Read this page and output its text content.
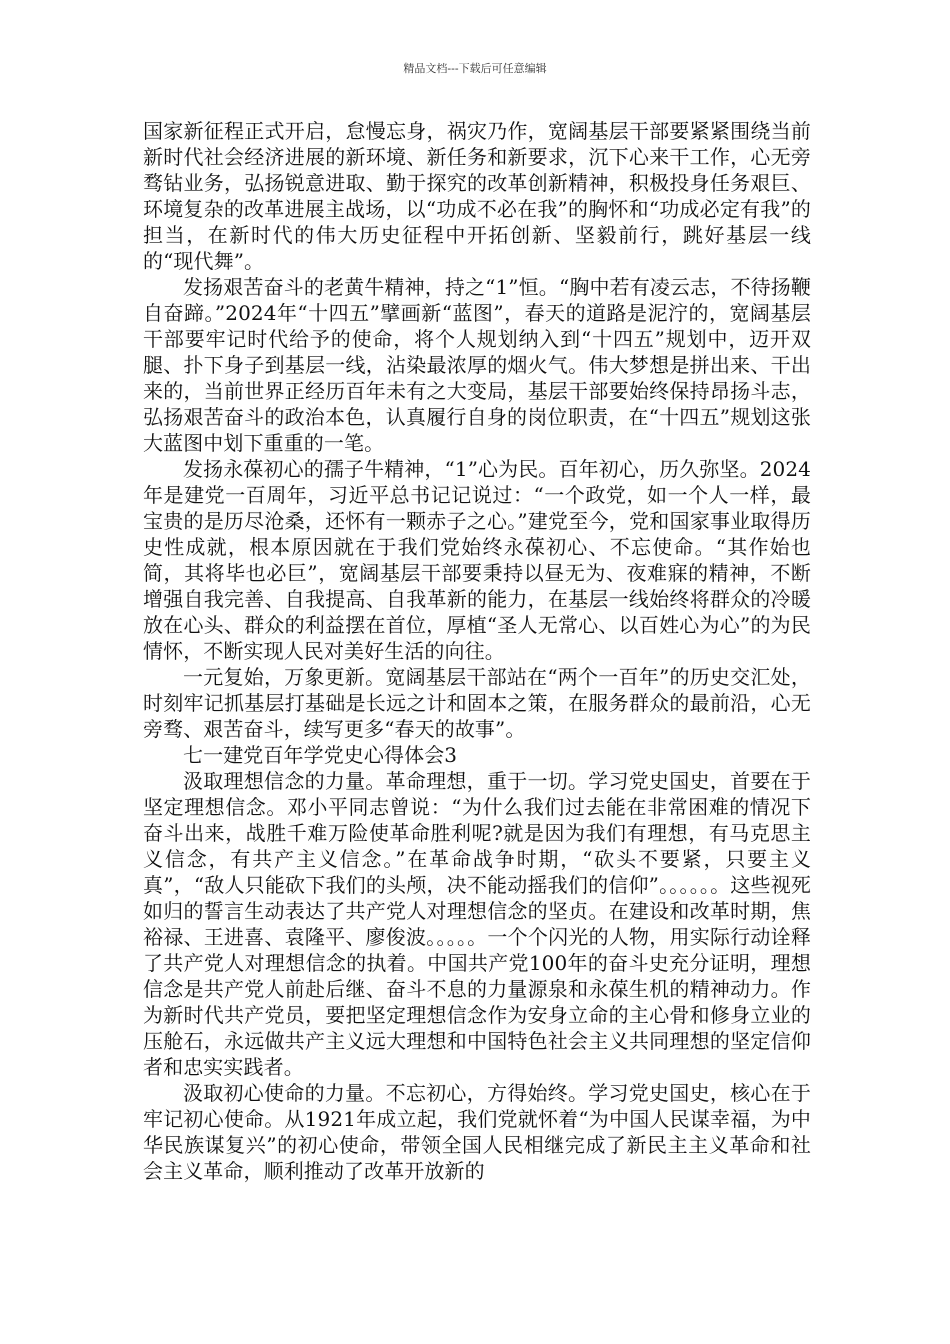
精品文档---下载后可任意编辑

国家新征程正式开启，怠慢忘身，祸灾乃作，宽阔基层干部要紧紧围绕当前新时代社会经济进展的新环境、新任务和新要求，沉下心来干工作，心无旁骛钻业务，弘扬锐意进取、勤于探究的改革创新精神，积极投身任务艰巨、环境复杂的改革进展主战场，以“功成不必在我”的胸怀和“功成必定有我”的担当，在新时代的伟大历史征程中开拓创新、坚毅前行，跳好基层一线的“现代舞”。

发扬艰苦奋斗的老黄牛精神，持之“1”恒。“胸中若有凌云志，不待扬鞭自奋蹄。”2024年“十四五”擘画新“蓝图”，春天的道路是泥泞的，宽阔基层干部要牢记时代给予的使命，将个人规划纳入到“十四五”规划中，迈开双腿、扑下身子到基层一线，沾染最浓厚的烟火气。伟大梦想是拼出来、干出来的，当前世界正经历百年未有之大变局，基层干部要始终保持昂扬斗志，弘扬艰苦奋斗的政治本色，认真履行自身的岗位职责，在“十四五”规划这张大蓝图中划下重重的一笔。

发扬永葆初心的孺子牛精神，“1”心为民。百年初心，历久弥坚。2024年是建党一百周年，习近平总书记记说过：“一个政党，如一个人一样，最宝贵的是历尽沧桑，还怀有一颗赤子之心。”建党至今，党和国家事业取得历史性成就，根本原因就在于我们党始终永葆初心、不忘使命。“其作始也简，其将毕也必巨”，宽阔基层干部要秉持以昼无为、夜难寐的精神，不断增强自我完善、自我提高、自我革新的能力，在基层一线始终将群众的冷暖放在心头、群众的利益摆在首位，厚植“圣人无常心、以百姓心为心”的为民情怀，不断实现人民对美好生活的向往。

一元复始，万象更新。宽阔基层干部站在“两个一百年”的历史交汇处，时刻牢记抓基层打基础是长远之计和固本之策，在服务群众的最前沿，心无旁骛、艰苦奋斗，续写更多“春天的故事”。

七一建党百年学党史心得体会3

汲取理想信念的力量。革命理想，重于一切。学习党史国史，首要在于坚定理想信念。邓小平同志曾说：“为什么我们过去能在非常困难的情况下奋斗出来，战胜千难万险使革命胜利呢?就是因为我们有理想，有马克思主义信念，有共产主义信念。”在革命战争时期，“砍头不要紧，只要主义真”，“敌人只能砍下我们的头颅，决不能动摇我们的信仰”。。。。。。这些视死如归的誓言生动表达了共产党人对理想信念的坚贞。在建设和改革时期，焦裕禄、王进喜、袁隆平、廖俊波。。。。。一个个闪光的人物，用实际行动诠释了共产党人对理想信念的执着。中国共产党100年的奋斗史充分证明，理想信念是共产党人前赴后继、奋斗不息的力量源泉和永葆生机的精神动力。作为新时代共产党员，要把坚定理想信念作为安身立命的主心骨和修身立业的压舱石，永远做共产主义远大理想和中国特色社会主义共同理想的坚定信仰者和忠实实践者。

汲取初心使命的力量。不忘初心，方得始终。学习党史国史，核心在于牢记初心使命。从1921年成立起，我们党就怀着“为中国人民谋幸福，为中华民族谋复兴”的初心使命，带领全国人民相继完成了新民主主义革命和社会主义革命，顺利推动了改革开放新的
